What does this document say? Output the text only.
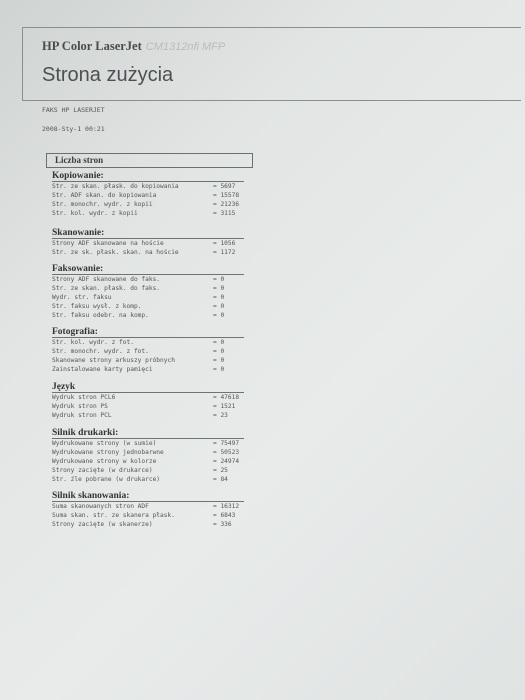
HP Color LaserJet CM1312nfi MFP
Strona zużycia
FAKS HP LASERJET
2008-Sty-1 00:21
Liczba stron
Kopiowanie:
Str. ze skan. płask. do kopiowania	= 5697
Str. ADF skan. do kopiowania	= 15578
Str. monochr. wydr. z kopii	= 21236
Str. kol. wydr. z kopii	= 3115
Skanowanie:
Strony ADF skanowane na hoście	= 1056
Str. ze sk. płask. skan. na hoście	= 1172
Faksowanie:
Strony ADF skanowane do faks.	= 0
Str. ze skan. płask. do faks.	= 0
Wydr. str. faksu	= 0
Str. faksu wysł. z komp.	= 0
Str. faksu odebr. na komp.	= 0
Fotografia:
Str. kol. wydr. z fot.	= 0
Str. monochr. wydr. z fot.	= 0
Skanowane strony arkuszy próbnych	= 0
Zainstalowane karty pamięci	= 0
Język
Wydruk stron PCL6	= 47618
Wydruk stron PS	= 1521
Wydruk stron PCL	= 23
Silnik drukarki:
Wydrukowane strony (w sumie)	= 75497
Wydrukowane strony jednobarwne	= 50523
Wydrukowane strony w kolorze	= 24974
Strony zacięte (w drukarce)	= 25
Str. źle pobrane (w drukarce)	= 84
Silnik skanowania:
Suma skanowanych stron ADF	= 16312
Suma skan. str. ze skanera płask.	= 6843
Strony zacięte (w skanerze)	= 336
